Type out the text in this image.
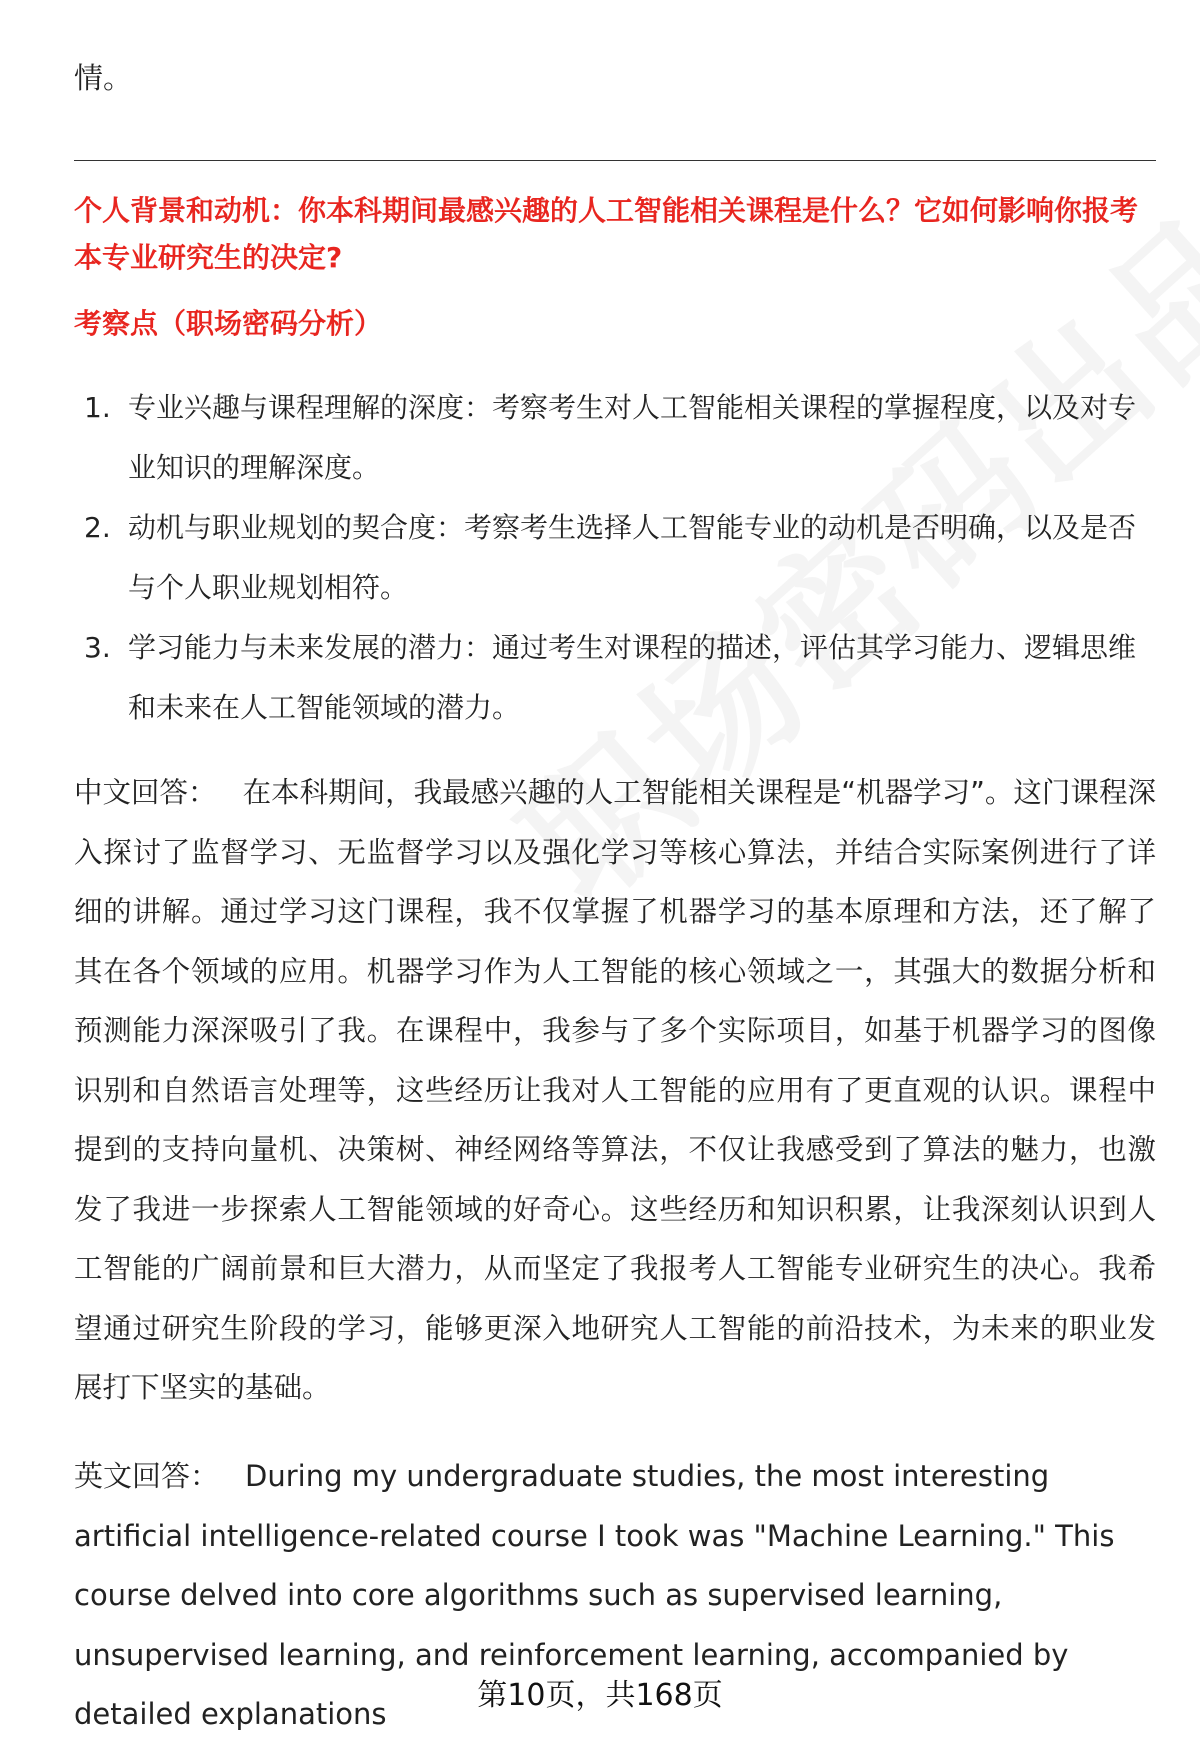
情。
个人背景和动机：你本科期间最感兴趣的人工智能相关课程是什么？它如何影响你报考本专业研究生的决定?
考察点（职场密码分析）
1. 专业兴趣与课程理解的深度：考察考生对人工智能相关课程的掌握程度，以及对专业知识的理解深度。
2. 动机与职业规划的契合度：考察考生选择人工智能专业的动机是否明确，以及是否与个人职业规划相符。
3. 学习能力与未来发展的潜力：通过考生对课程的描述，评估其学习能力、逻辑思维和未来在人工智能领域的潜力。
中文回答： 在本科期间，我最感兴趣的人工智能相关课程是“机器学习”。这门课程深入探讨了监督学习、无监督学习以及强化学习等核心算法，并结合实际案例进行了详细的讲解。通过学习这门课程，我不仅掌握了机器学习的基本原理和方法，还了解了其在各个领域的应用。机器学习作为人工智能的核心领域之一，其强大的数据分析和预测能力深深吸引了我。在课程中，我参与了多个实际项目，如基于机器学习的图像识别和自然语言处理等，这些经历让我对人工智能的应用有了更直观的认识。课程中提到的支持向量机、决策树、神经网络等算法，不仅让我感受到了算法的魅力，也激发了我进一步探索人工智能领域的好奇心。这些经历和知识积累，让我深刻认识到人工智能的广阔前景和巨大潜力，从而坚定了我报考人工智能专业研究生的决心。我希望通过研究生阶段的学习，能够更深入地研究人工智能的前沿技术，为未来的职业发展打下坚实的基础。
英文回答： During my undergraduate studies, the most interesting artificial intelligence-related course I took was "Machine Learning." This course delved into core algorithms such as supervised learning, unsupervised learning, and reinforcement learning, accompanied by detailed explanations
第10页，共168页
